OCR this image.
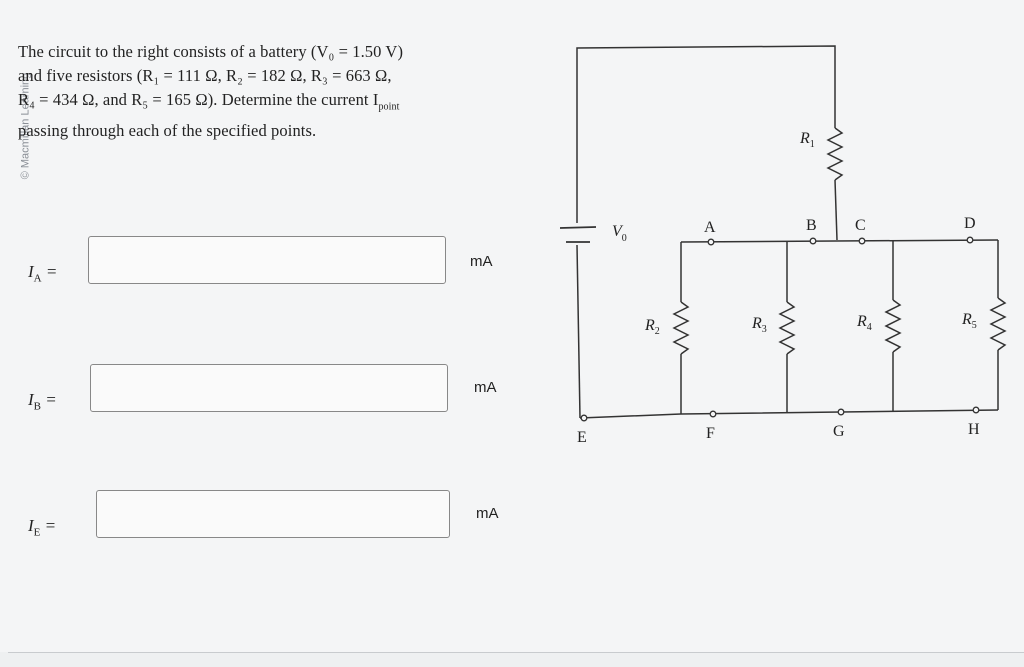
© Macmillan Learning

The circuit to the right consists of a battery (V₀ = 1.50 V)

and five resistors (R₁ = 111 Ω, R₂ = 182 Ω, R₃ = 663 Ω,

R₄ = 434 Ω, and R₅ = 165 Ω). Determine the current $I_{point}$

passing through each of the specified points.

$I_A$ =
mA
$I_B$ =
mA
$I_E$ =
mA
$V_0$
A	B C	D
E	F	G	H
$R_1$
$R_2$	$R_3$	$R_4$	$R_5$
